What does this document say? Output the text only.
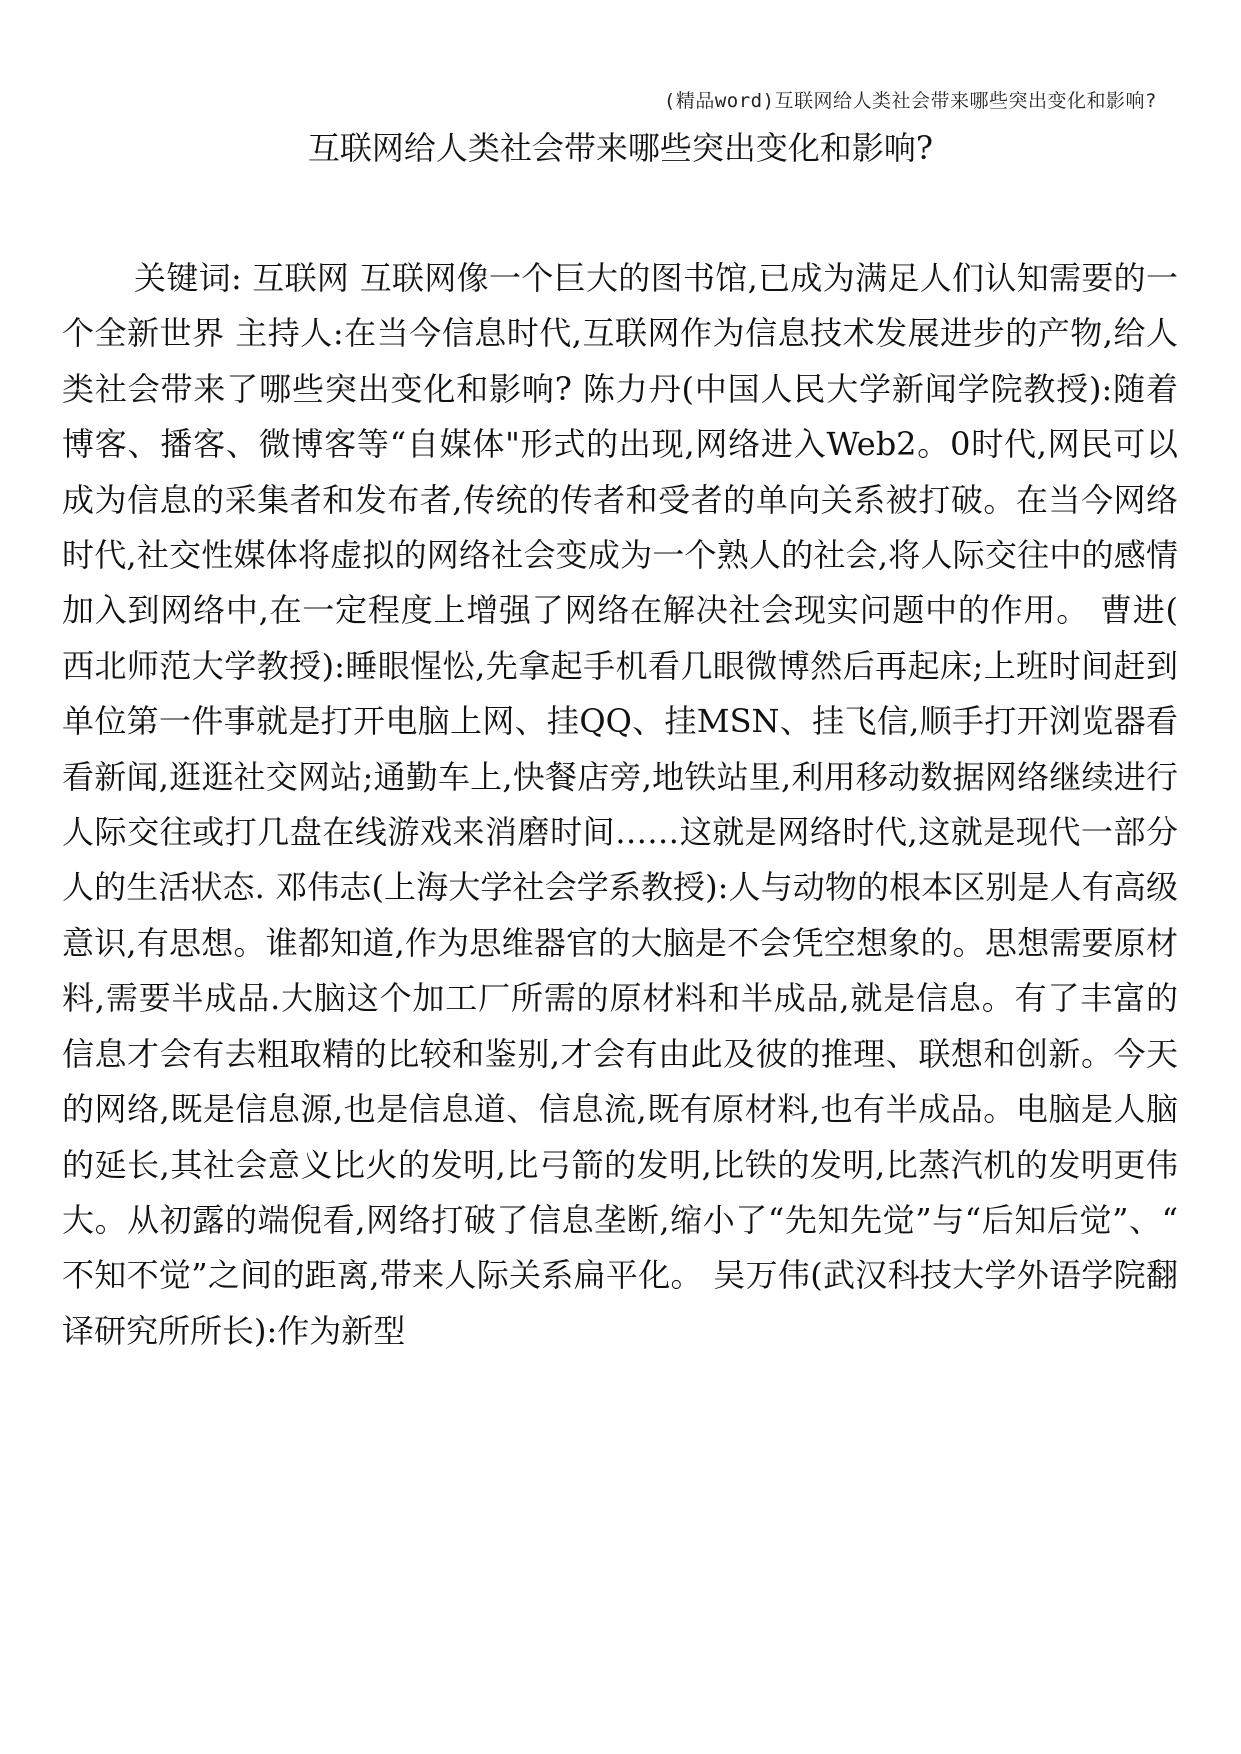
(精品word)互联网给人类社会带来哪些突出变化和影响?
互联网给人类社会带来哪些突出变化和影响?

关键词: 互联网 互联网像一个巨大的图书馆,已成为满足人们认知需要的一个全新世界 主持人:在当今信息时代,互联网作为信息技术发展进步的产物,给人类社会带来了哪些突出变化和影响? 陈力丹(中国人民大学新闻学院教授):随着博客、播客、微博客等“自媒体"形式的出现,网络进入Web2。0时代,网民可以成为信息的采集者和发布者,传统的传者和受者的单向关系被打破。在当今网络时代,社交性媒体将虚拟的网络社会变成为一个熟人的社会,将人际交往中的感情加入到网络中,在一定程度上增强了网络在解决社会现实问题中的作用。 曹进(西北师范大学教授):睡眼惺忪,先拿起手机看几眼微博然后再起床;上班时间赶到单位第一件事就是打开电脑上网、挂QQ、挂MSN、挂飞信,顺手打开浏览器看看新闻,逛逛社交网站;通勤车上,快餐店旁,地铁站里,利用移动数据网络继续进行人际交往或打几盘在线游戏来消磨时间……这就是网络时代,这就是现代一部分人的生活状态. 邓伟志(上海大学社会学系教授):人与动物的根本区别是人有高级意识,有思想。谁都知道,作为思维器官的大脑是不会凭空想象的。思想需要原材料,需要半成品.大脑这个加工厂所需的原材料和半成品,就是信息。有了丰富的信息才会有去粗取精的比较和鉴别,才会有由此及彼的推理、联想和创新。今天的网络,既是信息源,也是信息道、信息流,既有原材料,也有半成品。电脑是人脑的延长,其社会意义比火的发明,比弓箭的发明,比铁的发明,比蒸汽机的发明更伟大。从初露的端倪看,网络打破了信息垄断,缩小了“先知先觉”与“后知后觉”、“不知不觉”之间的距离,带来人际关系扁平化。 吴万伟(武汉科技大学外语学院翻译研究所所长):作为新型
